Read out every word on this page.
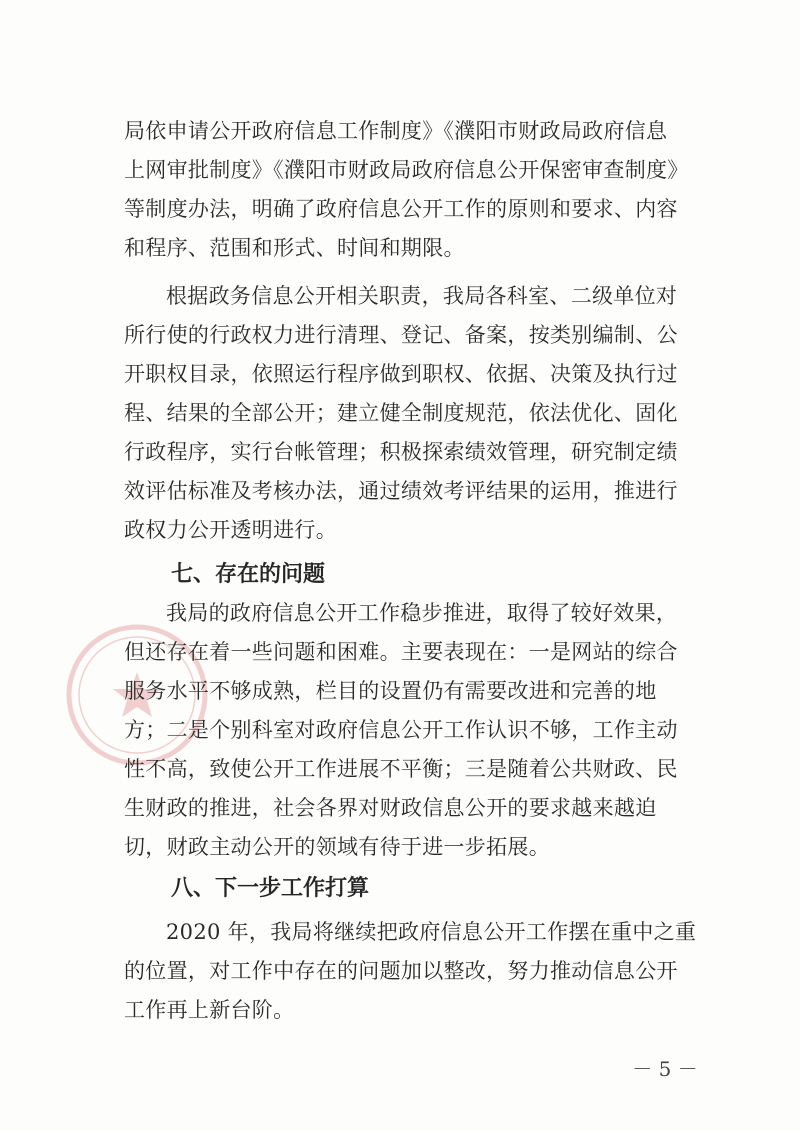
局依申请公开政府信息工作制度》《濮阳市财政局政府信息

上网审批制度》《濮阳市财政局政府信息公开保密审查制度》

等制度办法，明确了政府信息公开工作的原则和要求、内容

和程序、范围和形式、时间和期限。

根据政务信息公开相关职责，我局各科室、二级单位对

所行使的行政权力进行清理、登记、备案，按类别编制、公

开职权目录，依照运行程序做到职权、依据、决策及执行过

程、结果的全部公开；建立健全制度规范，依法优化、固化

行政程序，实行台帐管理；积极探索绩效管理，研究制定绩

效评估标准及考核办法，通过绩效考评结果的运用，推进行

政权力公开透明进行。

七、存在的问题

我局的政府信息公开工作稳步推进，取得了较好效果，

但还存在着一些问题和困难。主要表现在：一是网站的综合

服务水平不够成熟，栏目的设置仍有需要改进和完善的地

方；二是个别科室对政府信息公开工作认识不够，工作主动

性不高，致使公开工作进展不平衡；三是随着公共财政、民

生财政的推进，社会各界对财政信息公开的要求越来越迫

切，财政主动公开的领域有待于进一步拓展。

八、下一步工作打算

2020 年，我局将继续把政府信息公开工作摆在重中之重

的位置，对工作中存在的问题加以整改，努力推动信息公开

工作再上新台阶。

－ 5 －
